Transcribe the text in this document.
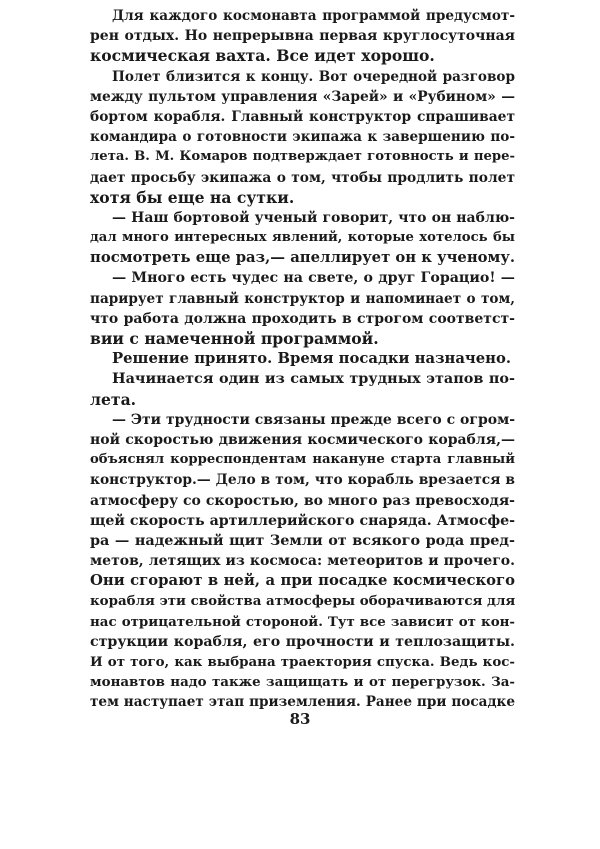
Для каждого космонавта программой предусмот-
рен отдых. Но непрерывна первая круглосуточная
космическая вахта. Все идет хорошо.
Полет близится к концу. Вот очередной разговор
между пультом управления «Зарей» и «Рубином» —
бортом корабля. Главный конструктор спрашивает
командира о готовности экипажа к завершению по-
лета. В. М. Комаров подтверждает готовность и пере-
дает просьбу экипажа о том, чтобы продлить полет
хотя бы еще на сутки.
— Наш бортовой ученый говорит, что он наблю-
дал много интересных явлений, которые хотелось бы
посмотреть еще раз,— апеллирует он к ученому.
— Много есть чудес на свете, о друг Горацио! —
парирует главный конструктор и напоминает о том,
что работа должна проходить в строгом соответст-
вии с намеченной программой.
Решение принято. Время посадки назначено.
Начинается один из самых трудных этапов по-
лета.
— Эти трудности связаны прежде всего с огром-
ной скоростью движения космического корабля,—
объяснял корреспондентам накануне старта главный
конструктор.— Дело в том, что корабль врезается в
атмосферу со скоростью, во много раз превосходя-
щей скорость артиллерийского снаряда. Атмосфе-
ра — надежный щит Земли от всякого рода пред-
метов, летящих из космоса: метеоритов и прочего.
Они сгорают в ней, а при посадке космического
корабля эти свойства атмосферы оборачиваются для
нас отрицательной стороной. Тут все зависит от кон-
струкции корабля, его прочности и теплозащиты.
И от того, как выбрана траектория спуска. Ведь кос-
монавтов надо также защищать и от перегрузок. За-
тем наступает этап приземления. Ранее при посадке
83
